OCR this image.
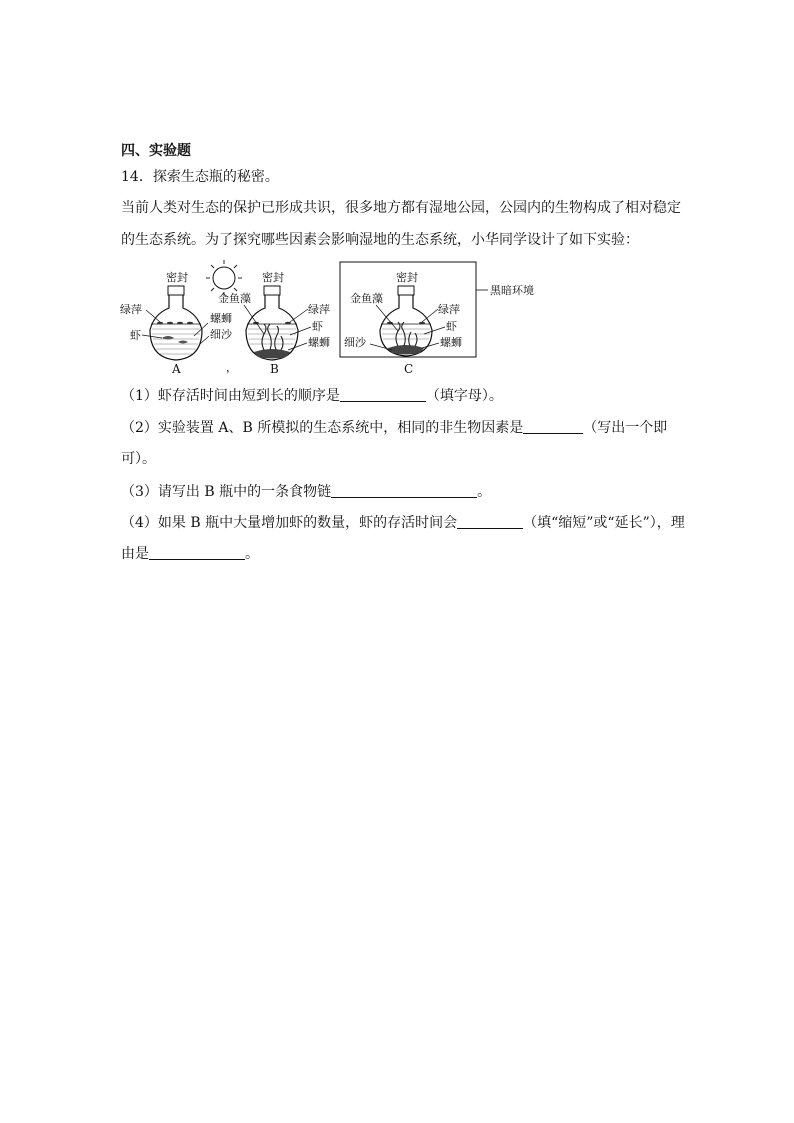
四、实验题
14．探索生态瓶的秘密。
当前人类对生态的保护已形成共识，很多地方都有湿地公园，公园内的生物构成了相对稳定
的生态系统。为了探究哪些因素会影响湿地的生态系统，小华同学设计了如下实验：
密封
绿萍
虾
A
密封
金鱼藻
螺蛳
细沙
绿萍
虾
螺蛳
，	B
密封
金鱼藻
细沙
绿萍
虾
螺蛳
C
黑暗环境
（1）虾存活时间由短到长的顺序是	（填字母）。
（2）实验装置 A、B 所模拟的生态系统中，相同的非生物因素是	（写出一个即
可）。
（3）请写出 B 瓶中的一条食物链	。
（4）如果 B 瓶中大量增加虾的数量，虾的存活时间会	（填“缩短”或“延长”），理
由是	。
